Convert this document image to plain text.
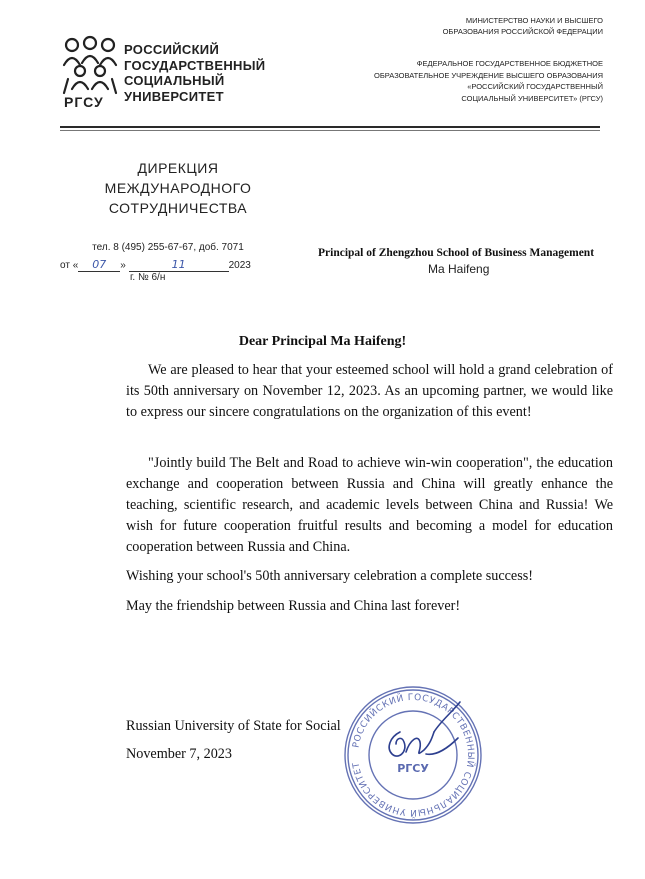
РГСУ
РОССИЙСКИЙ
ГОСУДАРСТВЕННЫЙ
СОЦИАЛЬНЫЙ
УНИВЕРСИТЕТ
МИНИСТЕРСТВО НАУКИ И ВЫСШЕГО
ОБРАЗОВАНИЯ РОССИЙСКОЙ ФЕДЕРАЦИИ
ФЕДЕРАЛЬНОЕ ГОСУДАРСТВЕННОЕ БЮДЖЕТНОЕ
ОБРАЗОВАТЕЛЬНОЕ УЧРЕЖДЕНИЕ ВЫСШЕГО ОБРАЗОВАНИЯ
«РОССИЙСКИЙ ГОСУДАРСТВЕННЫЙ
СОЦИАЛЬНЫЙ УНИВЕРСИТЕТ» (РГСУ)
ДИРЕКЦИЯ
МЕЖДУНАРОДНОГО
СОТРУДНИЧЕСТВА
тел. 8 (495) 255-67-67, доб. 7071
от « 07 »	11	2023
г. № 6/н
Principal of Zhengzhou School of Business Management
Ma Haifeng
Dear Principal Ma Haifeng!
We are pleased to hear that your esteemed school will hold a grand celebration of its 50th anniversary on November 12, 2023. As an upcoming partner, we would like to express our sincere congratulations on the organization of this event!
"Jointly build The Belt and Road to achieve win-win cooperation", the education exchange and cooperation between Russia and China will greatly enhance the teaching, scientific research, and academic levels between China and Russia! We wish for future cooperation fruitful results and becoming a model for education cooperation between Russia and China.
Wishing your school's 50th anniversary celebration a complete success!
May the friendship between Russia and China last forever!
Russian University of State for Social
November 7, 2023
РОССИЙСКИЙ ГОСУДАРСТВЕННЫЙ СОЦИАЛЬНЫЙ УНИВЕРСИТЕТ	РГСУ
